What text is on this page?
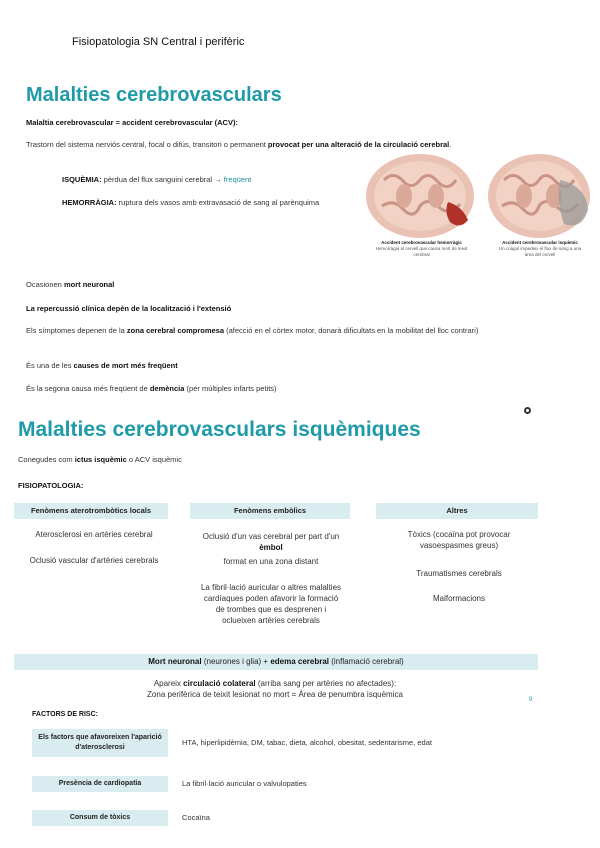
Fisiopatologia SN Central i perifèric
Malalties cerebrovasculars
Malaltia cerebrovascular = accident cerebrovascular (ACV):
Trastorn del sistema nerviós central, focal o difús, transitori o permanent provocat per una alteració de la circulació cerebral.
ISQUÈMIA: pèrdua del flux sanguini cerebral → freqüent
HEMORRÀGIA: ruptura dels vasos amb extravasació de sang al parènquima
Accident cerebrovascular hemorràgic
Hemorràgia al cervell que causa mort de teixit cerebral
Accident cerebrovascular isquèmic
Un coàgul impedeix el flux de sang a una àrea del cervell
Ocasionen mort neuronal
La repercussió clínica depèn de la localització i l'extensió
Els símptomes depenen de la zona cerebral compromesa (afecció en el còrtex motor, donarà dificultats en la mobilitat del lloc contrari)
És una de les causes de mort més freqüent
És la segona causa més freqüent de demència (per múltiples infarts petits)
Malalties cerebrovasculars isquèmiques
Conegudes com ictus isquèmic o ACV isquèmic
FISIOPATOLOGIA:
Fenòmens aterotrombòtics locals
Aterosclerosi en artèries cerebral
Oclusió vascular d'artèries cerebrals
Fenòmens embòlics
Oclusió d'un vas cerebral per part d'un èmbol
format en una zona distant
La fibril·lació auricular o altres malalties cardíaques poden afavorir la formació de trombes que es desprenen i oclueixen artèries cerebrals
Altres
Tòxics (cocaïna pot provocar vasoespasmes greus)
Traumatismes cerebrals
Malformacions
Mort neuronal (neurones i glia) + edema cerebral (inflamació cerebral)
Apareix circulació colateral (arriba sang per artèries no afectades):
Zona perifèrica de teixit lesionat no mort = Àrea de penumbra isquèmica
9
FACTORS DE RISC:
Els factors que afavoreixen l'aparició d'aterosclerosi
HTA, hiperlipidèmia, DM, tabac, dieta, alcohol, obesitat, sedentarisme, edat
Presència de cardiopatia	La fibril·lació auricular o valvulopaties
Consum de tòxics	Cocaïna
